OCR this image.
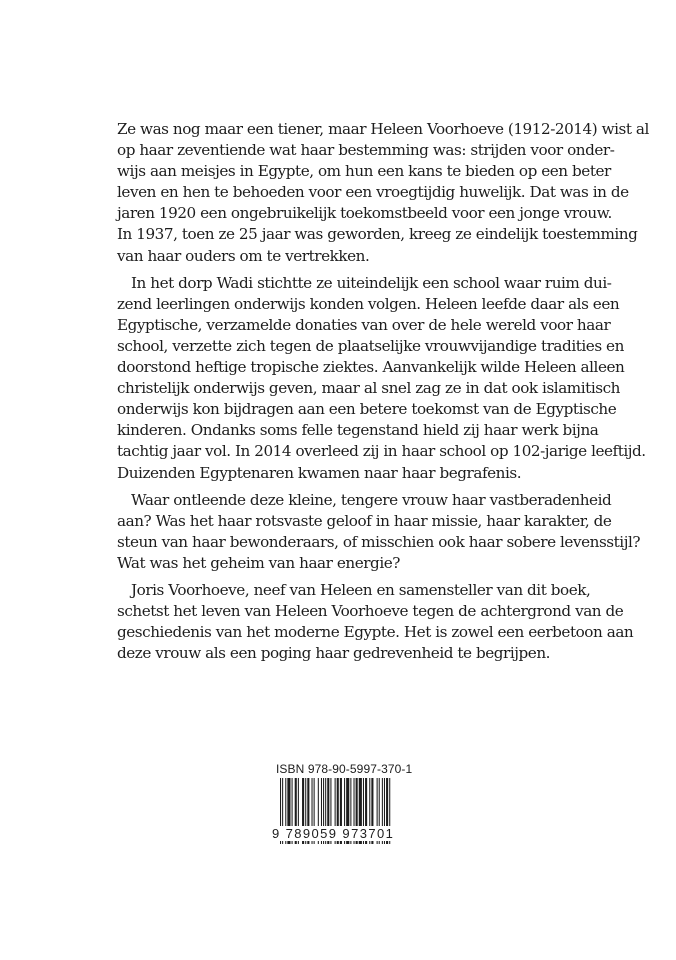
Ze was nog maar een tiener, maar Heleen Voorhoeve (1912-2014) wist al
op haar zeventiende wat haar bestemming was: strijden voor onder-
wijs aan meisjes in Egypte, om hun een kans te bieden op een beter
leven en hen te behoeden voor een vroegtijdig huwelijk. Dat was in de
jaren 1920 een ongebruikelijk toekomstbeeld voor een jonge vrouw.
In 1937, toen ze 25 jaar was geworden, kreeg ze eindelijk toestemming
van haar ouders om te vertrekken.

In het dorp Wadi stichtte ze uiteindelijk een school waar ruim dui-
zend leerlingen onderwijs konden volgen. Heleen leefde daar als een
Egyptische, verzamelde donaties van over de hele wereld voor haar
school, verzette zich tegen de plaatselijke vrouwvijandige tradities en
doorstond heftige tropische ziektes. Aanvankelijk wilde Heleen alleen
christelijk onderwijs geven, maar al snel zag ze in dat ook islamitisch
onderwijs kon bijdragen aan een betere toekomst van de Egyptische
kinderen. Ondanks soms felle tegenstand hield zij haar werk bijna
tachtig jaar vol. In 2014 overleed zij in haar school op 102-jarige leeftijd.
Duizenden Egyptenaren kwamen naar haar begrafenis.

Waar ontleende deze kleine, tengere vrouw haar vastberadenheid
aan? Was het haar rotsvaste geloof in haar missie, haar karakter, de
steun van haar bewonderaars, of misschien ook haar sobere levensstijl?
Wat was het geheim van haar energie?

Joris Voorhoeve, neef van Heleen en samensteller van dit boek,
schetst het leven van Heleen Voorhoeve tegen de achtergrond van de
geschiedenis van het moderne Egypte. Het is zowel een eerbetoon aan
deze vrouw als een poging haar gedrevenheid te begrijpen.

ISBN 978-90-5997-370-1
9 789059 973701
